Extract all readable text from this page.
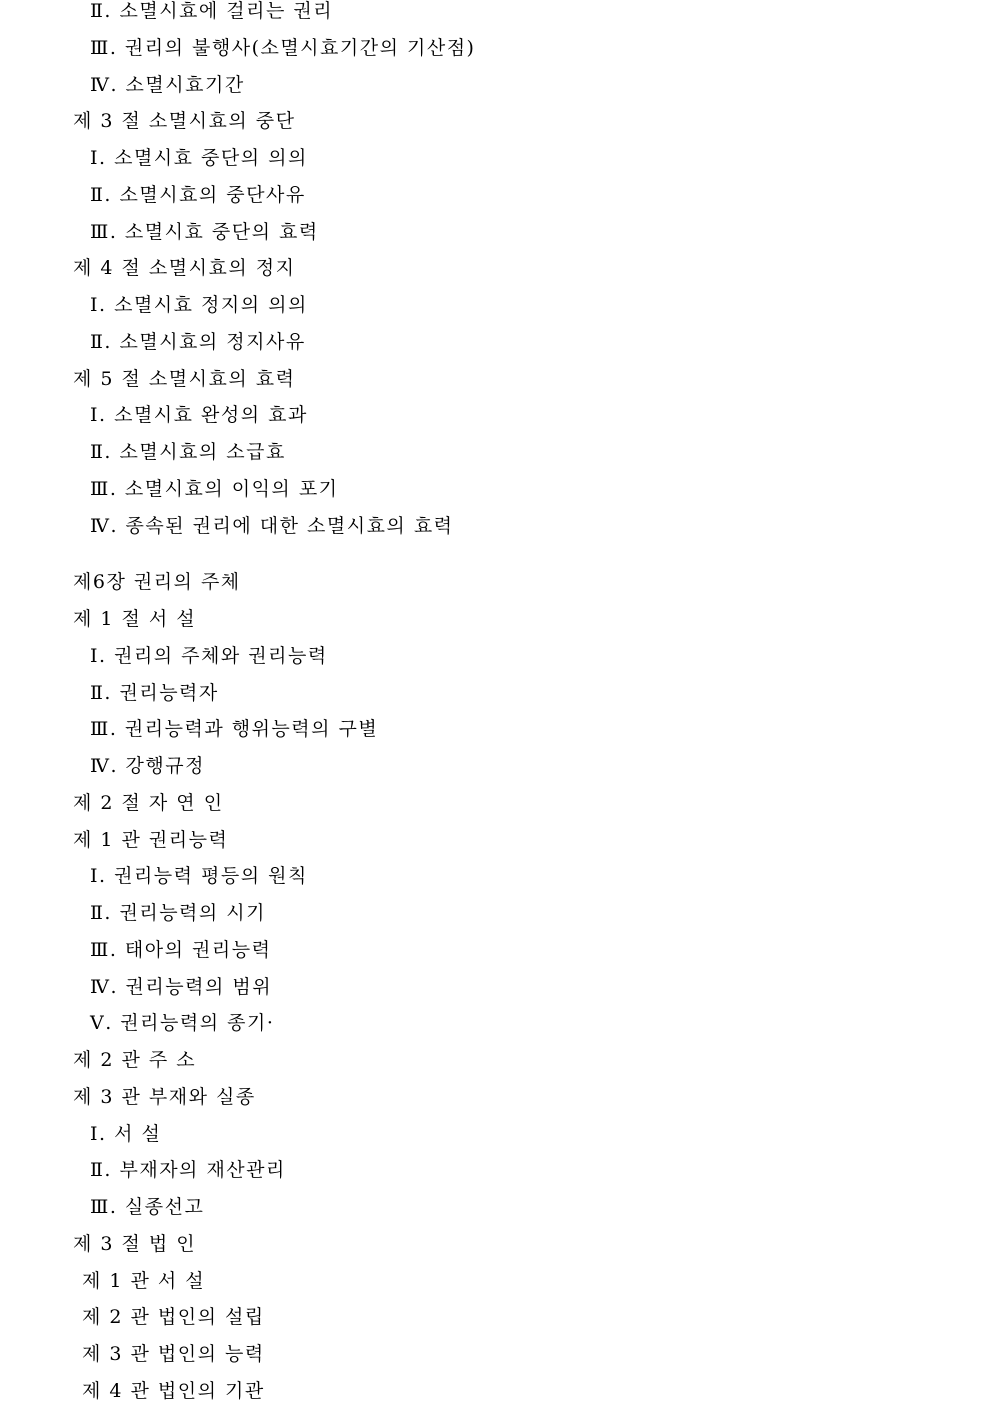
Ⅱ. 소멸시효에 걸리는 권리
Ⅲ. 권리의 불행사(소멸시효기간의 기산점)
Ⅳ. 소멸시효기간
제 3 절 소멸시효의 중단
Ⅰ. 소멸시효 중단의 의의
Ⅱ. 소멸시효의 중단사유
Ⅲ. 소멸시효 중단의 효력
제 4 절 소멸시효의 정지
Ⅰ. 소멸시효 정지의 의의
Ⅱ. 소멸시효의 정지사유
제 5 절 소멸시효의 효력
Ⅰ. 소멸시효 완성의 효과
Ⅱ. 소멸시효의 소급효
Ⅲ. 소멸시효의 이익의 포기
Ⅳ. 종속된 권리에 대한 소멸시효의 효력
제6장 권리의 주체
제 1 절 서 설
Ⅰ. 권리의 주체와 권리능력
Ⅱ. 권리능력자
Ⅲ. 권리능력과 행위능력의 구별
Ⅳ. 강행규정
제 2 절 자 연 인
제 1 관 권리능력
Ⅰ. 권리능력 평등의 원칙
Ⅱ. 권리능력의 시기
Ⅲ. 태아의 권리능력
Ⅳ. 권리능력의 범위
Ⅴ. 권리능력의 종기·
제 2 관 주 소
제 3 관 부재와 실종
Ⅰ. 서 설
Ⅱ. 부재자의 재산관리
Ⅲ. 실종선고
제 3 절 법 인
제 1 관 서 설
제 2 관 법인의 설립
제 3 관 법인의 능력
제 4 관 법인의 기관
